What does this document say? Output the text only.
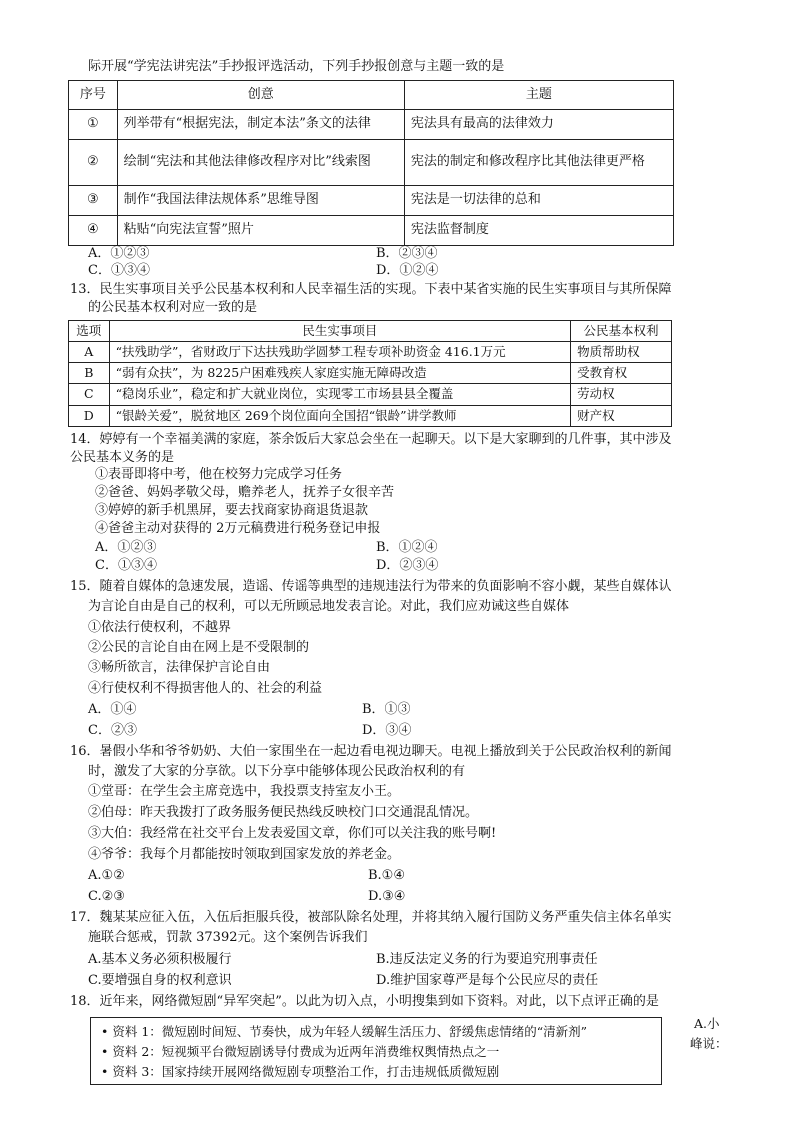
际开展“学宪法讲宪法”手抄报评选活动，下列手抄报创意与主题一致的是
序号	创意	主题
①	列举带有“根据宪法，制定本法”条文的法律	宪法具有最高的法律效力
②	绘制“宪法和其他法律修改程序对比”线索图	宪法的制定和修改程序比其他法律更严格
③	制作“我国法律法规体系”思维导图	宪法是一切法律的总和
④	粘贴“向宪法宣誓”照片	宪法监督制度
A．①②③	B．②③④
C．①③④	D．①②④
13．民生实事项目关乎公民基本权利和人民幸福生活的实现。下表中某省实施的民生实事项目与其所保障
的公民基本权利对应一致的是
选项	民生实事项目	公民基本权利
A	“扶残助学”，省财政厅下达扶残助学圆梦工程专项补助资金 416.1万元	物质帮助权
B	“弱有众扶”，为 8225户困难残疾人家庭实施无障碍改造	受教育权
C	“稳岗乐业”，稳定和扩大就业岗位，实现零工市场县县全覆盖	劳动权
D	“银龄关爱”，脱贫地区 269个岗位面向全国招“银龄”讲学教师	财产权
14．婷婷有一个幸福美满的家庭，茶余饭后大家总会坐在一起聊天。以下是大家聊到的几件事，其中涉及
公民基本义务的是
①表哥即将中考，他在校努力完成学习任务
②爸爸、妈妈孝敬父母，赡养老人，抚养子女很辛苦
③婷婷的新手机黑屏，要去找商家协商退货退款
④爸爸主动对获得的 2万元稿费进行税务登记申报
A．①②③	B．①②④
C．①③④	D．②③④
15．随着自媒体的急速发展，造谣、传谣等典型的违规违法行为带来的负面影响不容小觑，某些自媒体认
为言论自由是自己的权利，可以无所顾忌地发表言论。对此，我们应劝诫这些自媒体
①依法行使权利，不越界
②公民的言论自由在网上是不受限制的
③畅所欲言，法律保护言论自由
④行使权利不得损害他人的、社会的利益
A．①④	B．①③
C．②③	D．③④
16．暑假小华和爷爷奶奶、大伯一家围坐在一起边看电视边聊天。电视上播放到关于公民政治权利的新闻
时，激发了大家的分享欲。以下分享中能够体现公民政治权利的有
①堂哥：在学生会主席竞选中，我投票支持室友小王。
②伯母：昨天我拨打了政务服务便民热线反映校门口交通混乱情况。
③大伯：我经常在社交平台上发表爱国文章，你们可以关注我的账号啊!
④爷爷：我每个月都能按时领取到国家发放的养老金。
A.①②	B.①④
C.②③	D.③④
17．魏某某应征入伍，入伍后拒服兵役，被部队除名处理，并将其纳入履行国防义务严重失信主体名单实
施联合惩戒，罚款 37392元。这个案例告诉我们
A.基本义务必须积极履行	B.违反法定义务的行为要追究刑事责任
C.要增强自身的权利意识	D.维护国家尊严是每个公民应尽的责任
18．近年来，网络微短剧“异军突起”。以此为切入点，小明搜集到如下资料。对此，以下点评正确的是
• 资料 1：微短剧时间短、节奏快，成为年轻人缓解生活压力、舒缓焦虑情绪的“清新剂”
• 资料 2：短视频平台微短剧诱导付费成为近两年消费维权舆情热点之一
• 资料 3：国家持续开展网络微短剧专项整治工作，打击违规低质微短剧
A.小
峰说：
